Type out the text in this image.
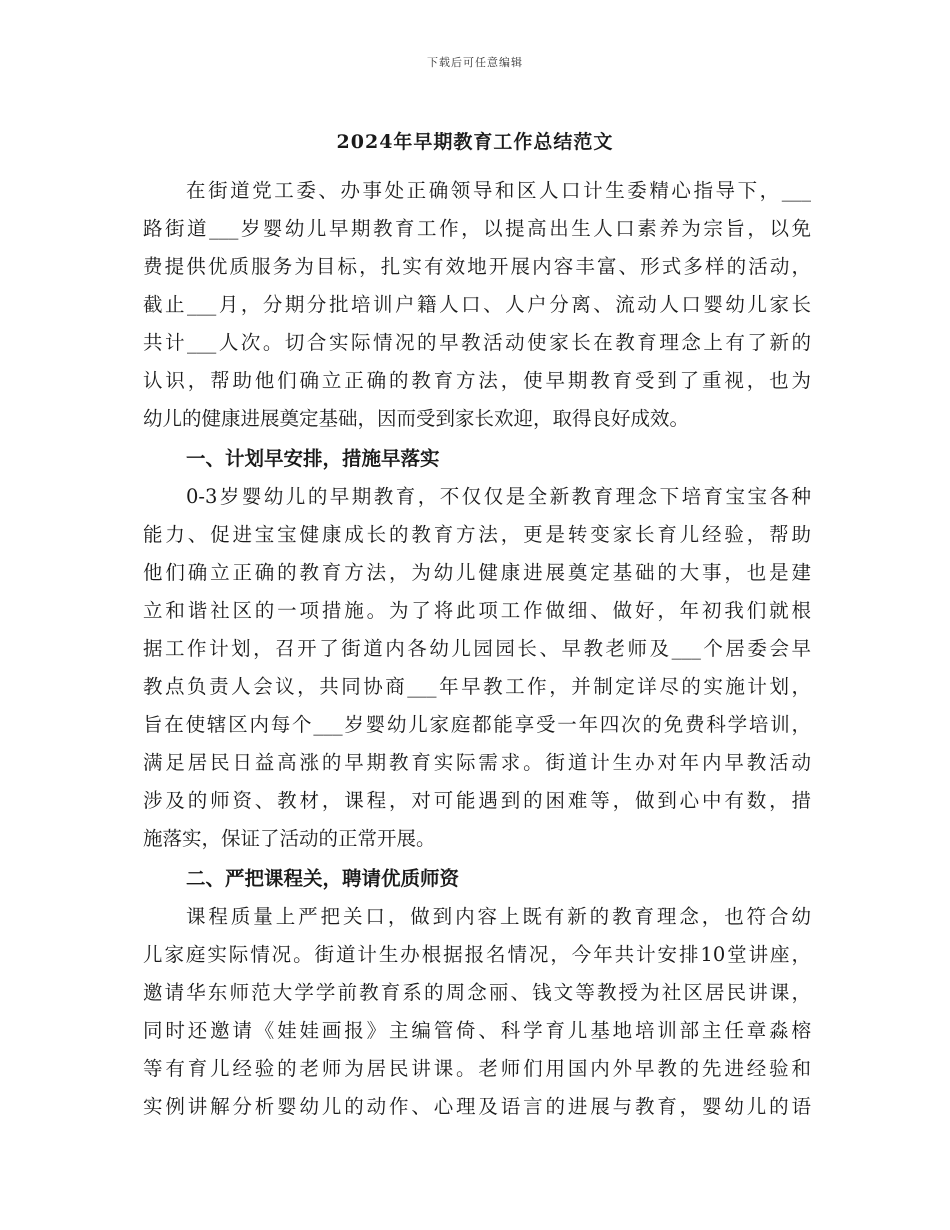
下载后可任意编辑
2024年早期教育工作总结范文
在街道党工委、办事处正确领导和区人口计生委精心指导下，___
路街道___岁婴幼儿早期教育工作，以提高出生人口素养为宗旨，以免
费提供优质服务为目标，扎实有效地开展内容丰富、形式多样的活动，
截止___月，分期分批培训户籍人口、人户分离、流动人口婴幼儿家长
共计___人次。切合实际情况的早教活动使家长在教育理念上有了新的
认识，帮助他们确立正确的教育方法，使早期教育受到了重视，也为
幼儿的健康进展奠定基础，因而受到家长欢迎，取得良好成效。
一、计划早安排，措施早落实
0-3岁婴幼儿的早期教育，不仅仅是全新教育理念下培育宝宝各种
能力、促进宝宝健康成长的教育方法，更是转变家长育儿经验，帮助
他们确立正确的教育方法，为幼儿健康进展奠定基础的大事，也是建
立和谐社区的一项措施。为了将此项工作做细、做好，年初我们就根
据工作计划，召开了街道内各幼儿园园长、早教老师及___个居委会早
教点负责人会议，共同协商___年早教工作，并制定详尽的实施计划，
旨在使辖区内每个___岁婴幼儿家庭都能享受一年四次的免费科学培训，
满足居民日益高涨的早期教育实际需求。街道计生办对年内早教活动
涉及的师资、教材，课程，对可能遇到的困难等，做到心中有数，措
施落实，保证了活动的正常开展。
二、严把课程关，聘请优质师资
课程质量上严把关口，做到内容上既有新的教育理念，也符合幼
儿家庭实际情况。街道计生办根据报名情况，今年共计安排10堂讲座，
邀请华东师范大学学前教育系的周念丽、钱文等教授为社区居民讲课，
同时还邀请《娃娃画报》主编管倚、科学育儿基地培训部主任章淼榕
等有育儿经验的老师为居民讲课。老师们用国内外早教的先进经验和
实例讲解分析婴幼儿的动作、心理及语言的进展与教育，婴幼儿的语
